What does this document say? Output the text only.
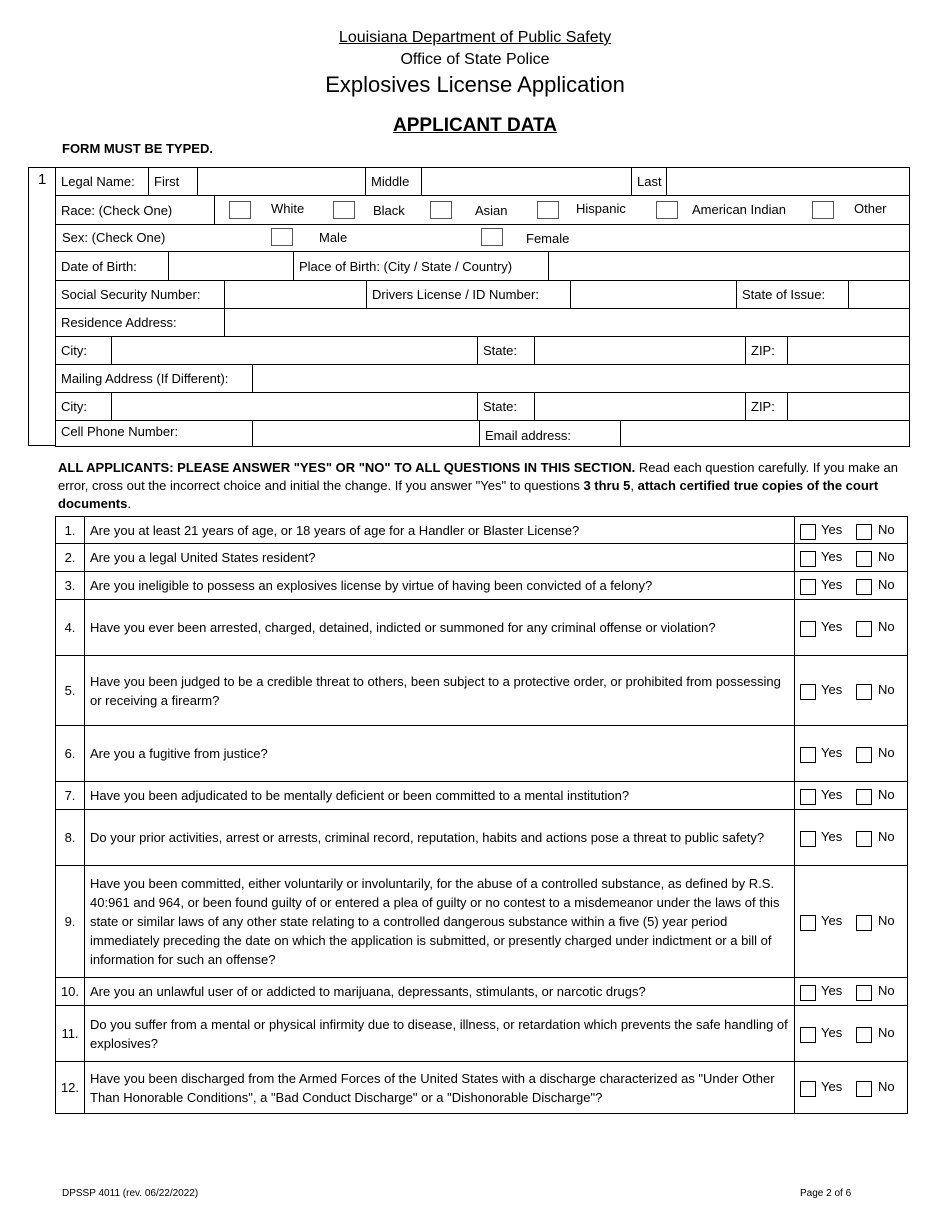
Louisiana Department of Public Safety
Office of State Police
Explosives License Application
APPLICANT DATA
FORM MUST BE TYPED.
1	Legal Name:	First	Middle	Last
Race: (Check One)	White	Black	Asian	Hispanic	American Indian	Other
Sex: (Check One)	Male	Female
Date of Birth:	Place of Birth: (City / State / Country)
Social Security Number:	Drivers License / ID Number:	State of Issue:
Residence Address:
City:	State:	ZIP:
Mailing Address (If Different):
City:	State:	ZIP:
Cell Phone Number:	Email address:
ALL APPLICANTS: PLEASE ANSWER "YES" OR "NO" TO ALL QUESTIONS IN THIS SECTION. Read each question carefully. If you make an error, cross out the incorrect choice and initial the change. If you answer "Yes" to questions 3 thru 5, attach certified true copies of the court documents.
1.	Are you at least 21 years of age, or 18 years of age for a Handler or Blaster License?	Yes	No
2.	Are you a legal United States resident?	Yes	No
3.	Are you ineligible to possess an explosives license by virtue of having been convicted of a felony?	Yes	No
4.	Have you ever been arrested, charged, detained, indicted or summoned for any criminal offense or violation?	Yes	No
5.
Have you been judged to be a credible threat to others, been subject to a protective order, or prohibited from possessing or receiving a firearm?
Yes	No
6.	Are you a fugitive from justice?	Yes	No
7.	Have you been adjudicated to be mentally deficient or been committed to a mental institution?	Yes	No
8.	Do your prior activities, arrest or arrests, criminal record, reputation, habits and actions pose a threat to public safety?	Yes	No
9.
Have you been committed, either voluntarily or involuntarily, for the abuse of a controlled substance, as defined by R.S. 40:961 and 964, or been found guilty of or entered a plea of guilty or no contest to a misdemeanor under the laws of this state or similar laws of any other state relating to a controlled dangerous substance within a five (5) year period immediately preceding the date on which the application is submitted, or presently charged under indictment or a bill of information for such an offense?
Yes	No
10. Are you an unlawful user of or addicted to marijuana, depressants, stimulants, or narcotic drugs?	Yes	No
11.
Do you suffer from a mental or physical infirmity due to disease, illness, or retardation which prevents the safe handling of explosives?
Yes	No
12.
Have you been discharged from the Armed Forces of the United States with a discharge characterized as "Under Other Than Honorable Conditions", a "Bad Conduct Discharge" or a "Dishonorable Discharge"?
Yes	No
DPSSP 4011 (rev. 06/22/2022)	Page 2 of 6
